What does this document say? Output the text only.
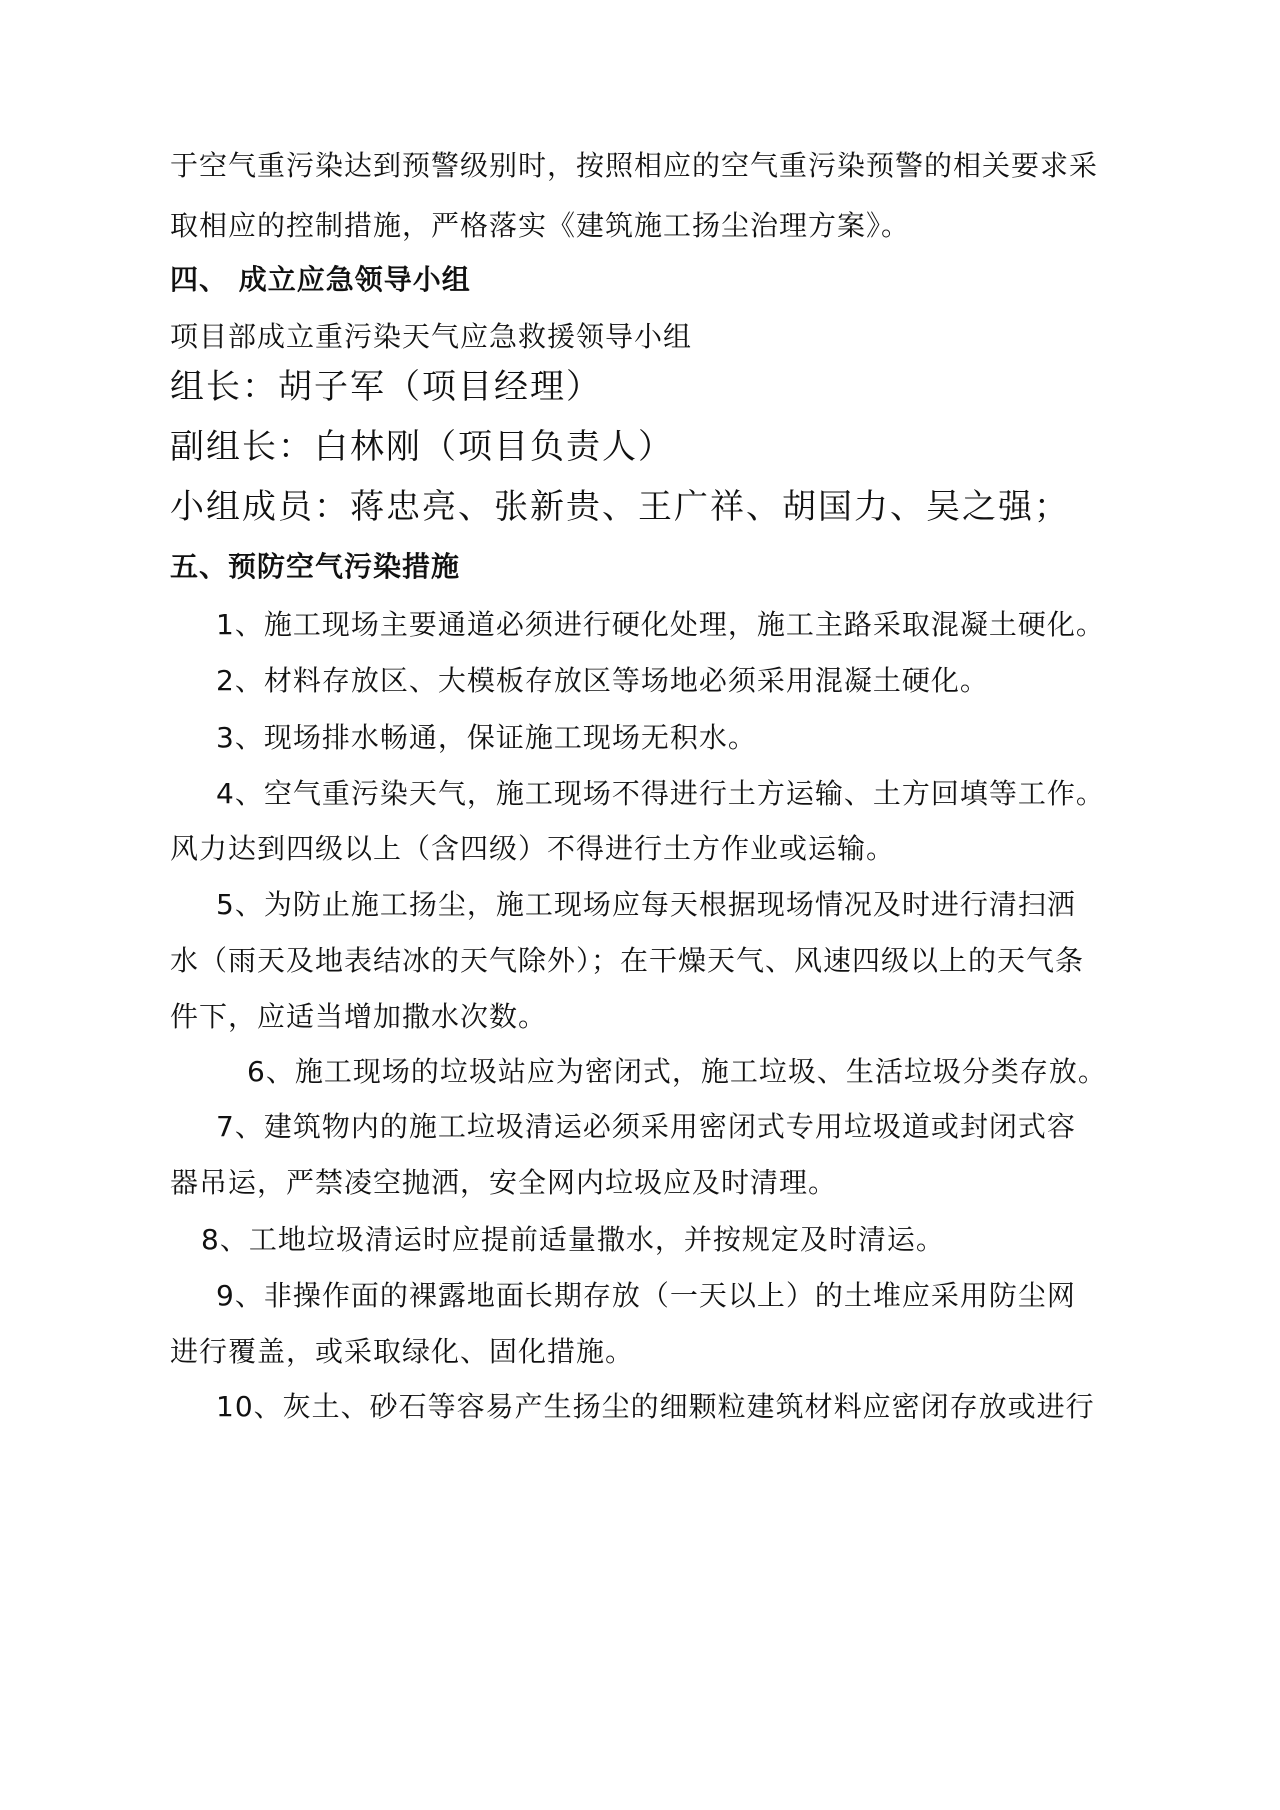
于空气重污染达到预警级别时，按照相应的空气重污染预警的相关要求采
取相应的控制措施，严格落实《建筑施工扬尘治理方案》。
四、 成立应急领导小组
项目部成立重污染天气应急救援领导小组
组长：胡子军（项目经理）
副组长：白林刚（项目负责人）
小组成员：蒋忠亮、张新贵、王广祥、胡国力、吴之强；
五、预防空气污染措施
1、施工现场主要通道必须进行硬化处理，施工主路采取混凝土硬化。
2、材料存放区、大模板存放区等场地必须采用混凝土硬化。
3、现场排水畅通，保证施工现场无积水。
4、空气重污染天气，施工现场不得进行土方运输、土方回填等工作。
风力达到四级以上（含四级）不得进行土方作业或运输。
5、为防止施工扬尘，施工现场应每天根据现场情况及时进行清扫洒
水（雨天及地表结冰的天气除外）；在干燥天气、风速四级以上的天气条
件下，应适当增加撒水次数。
6、施工现场的垃圾站应为密闭式，施工垃圾、生活垃圾分类存放。
7、建筑物内的施工垃圾清运必须采用密闭式专用垃圾道或封闭式容
器吊运，严禁凌空抛洒，安全网内垃圾应及时清理。
8、工地垃圾清运时应提前适量撒水，并按规定及时清运。
9、非操作面的裸露地面长期存放（一天以上）的土堆应采用防尘网
进行覆盖，或采取绿化、固化措施。
10、灰土、砂石等容易产生扬尘的细颗粒建筑材料应密闭存放或进行
